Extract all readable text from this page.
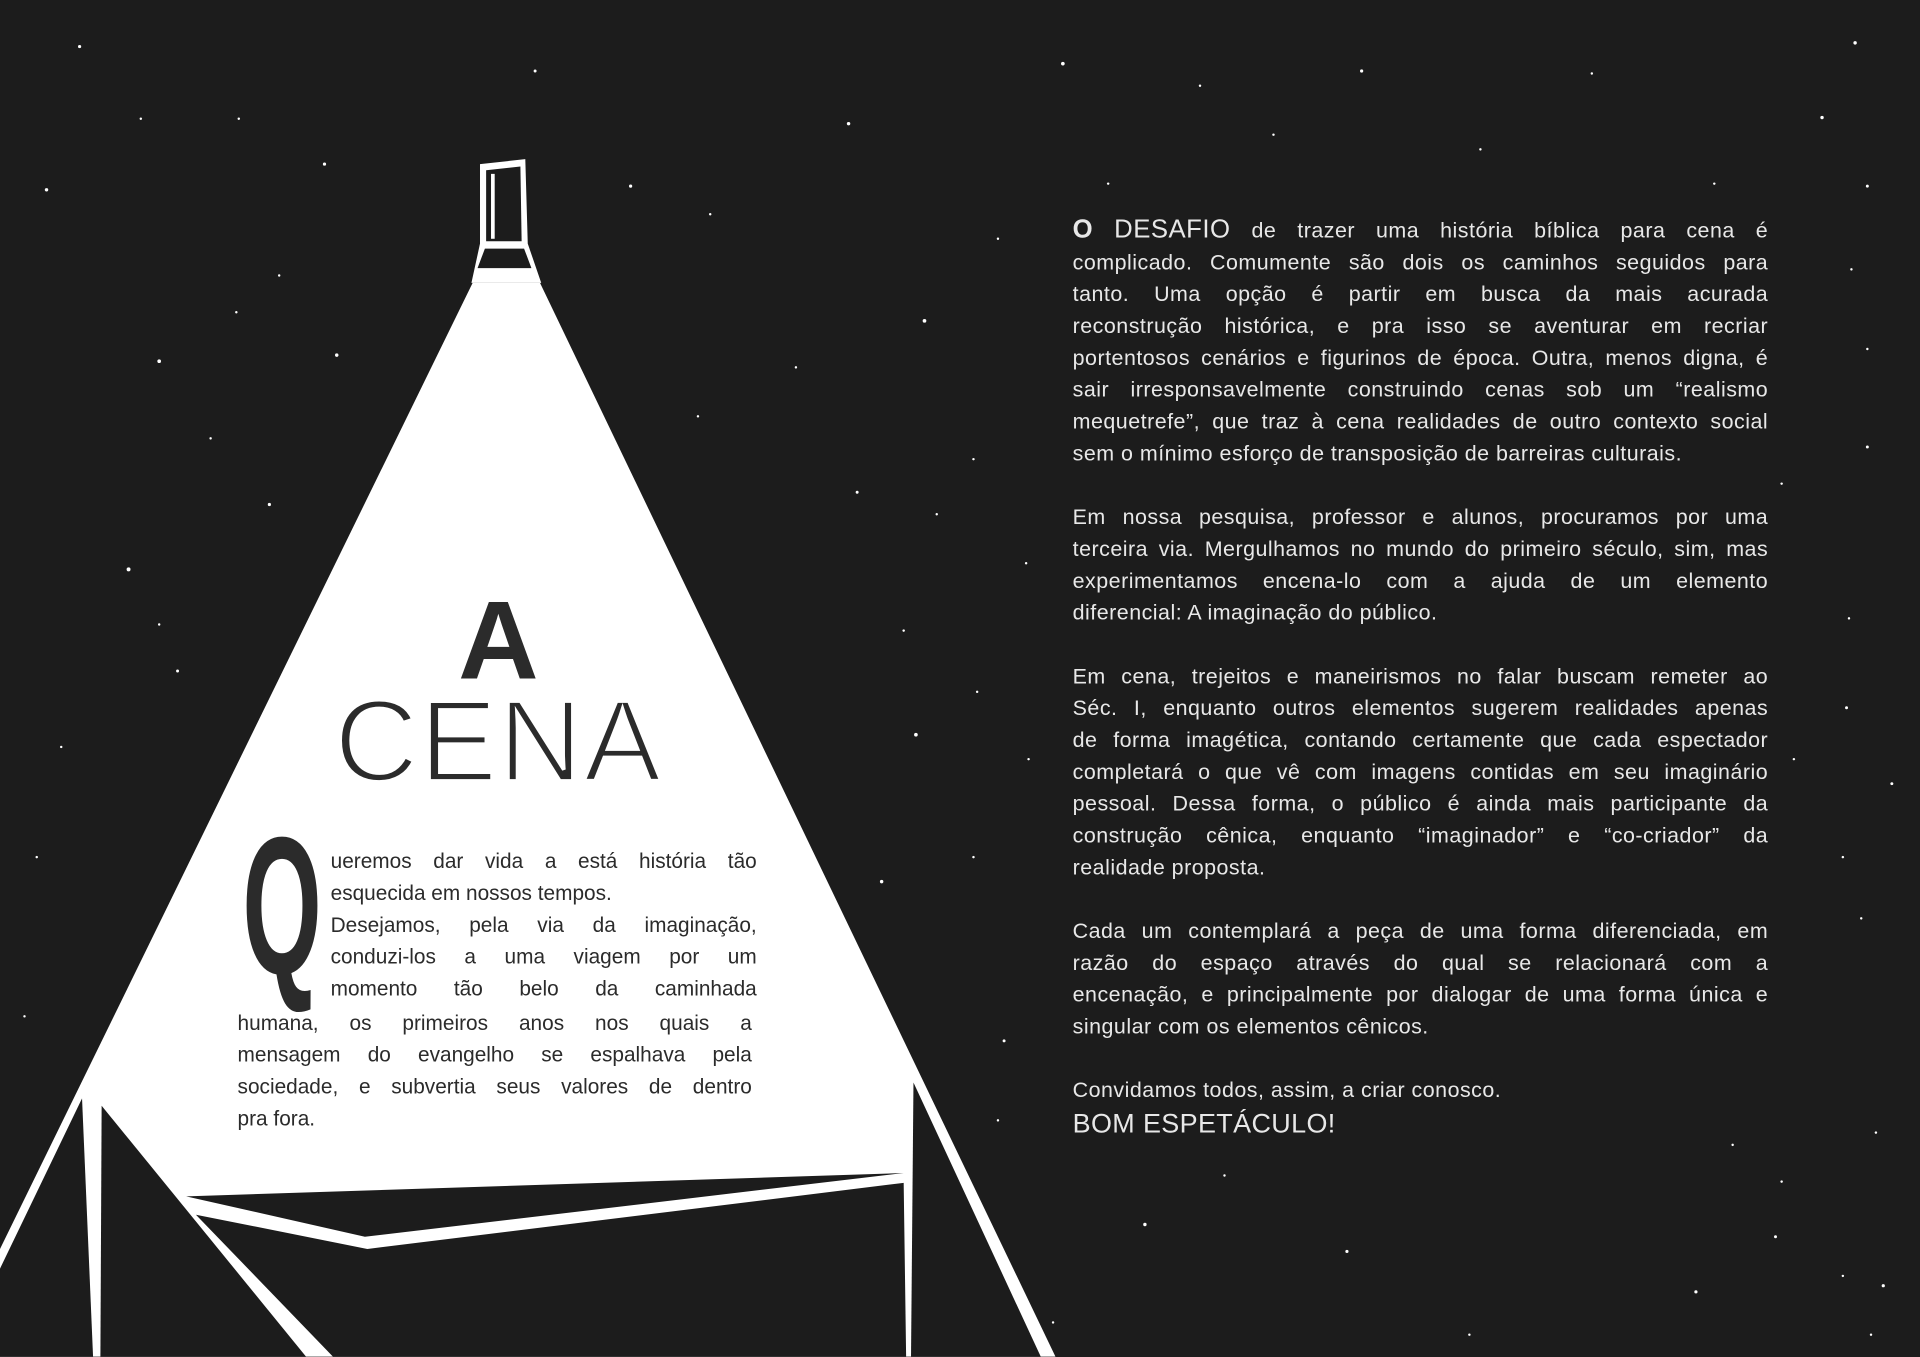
A
CENA
Q ueremos dar vida a está história tão
esquecida em nossos tempos.
Desejamos, pela via da imaginação,
conduzi-los a uma viagem por um
momento tão belo da caminhada
humana, os primeiros anos nos quais a
mensagem do evangelho se espalhava pela
sociedade, e subvertia seus valores de dentro
pra fora.
O DESAFIO de trazer uma história bíblica para cena é
complicado. Comumente são dois os caminhos seguidos para
tanto. Uma opção é partir em busca da mais acurada
reconstrução histórica, e pra isso se aventurar em recriar
portentosos cenários e figurinos de época. Outra, menos digna, é
sair irresponsavelmente construindo cenas sob um “realismo
mequetrefe”, que traz à cena realidades de outro contexto social
sem o mínimo esforço de transposição de barreiras culturais.
Em nossa pesquisa, professor e alunos, procuramos por uma
terceira via. Mergulhamos no mundo do primeiro século, sim, mas
experimentamos encena-lo com a ajuda de um elemento
diferencial: A imaginação do público.
Em cena, trejeitos e maneirismos no falar buscam remeter ao
Séc. I, enquanto outros elementos sugerem realidades apenas
de forma imagética, contando certamente que cada espectador
completará o que vê com imagens contidas em seu imaginário
pessoal. Dessa forma, o público é ainda mais participante da
construção cênica, enquanto “imaginador” e “co-criador” da
realidade proposta.
Cada um contemplará a peça de uma forma diferenciada, em
razão do espaço através do qual se relacionará com a
encenação, e principalmente por dialogar de uma forma única e
singular com os elementos cênicos.
Convidamos todos, assim, a criar conosco.
BOM ESPETÁCULO!
